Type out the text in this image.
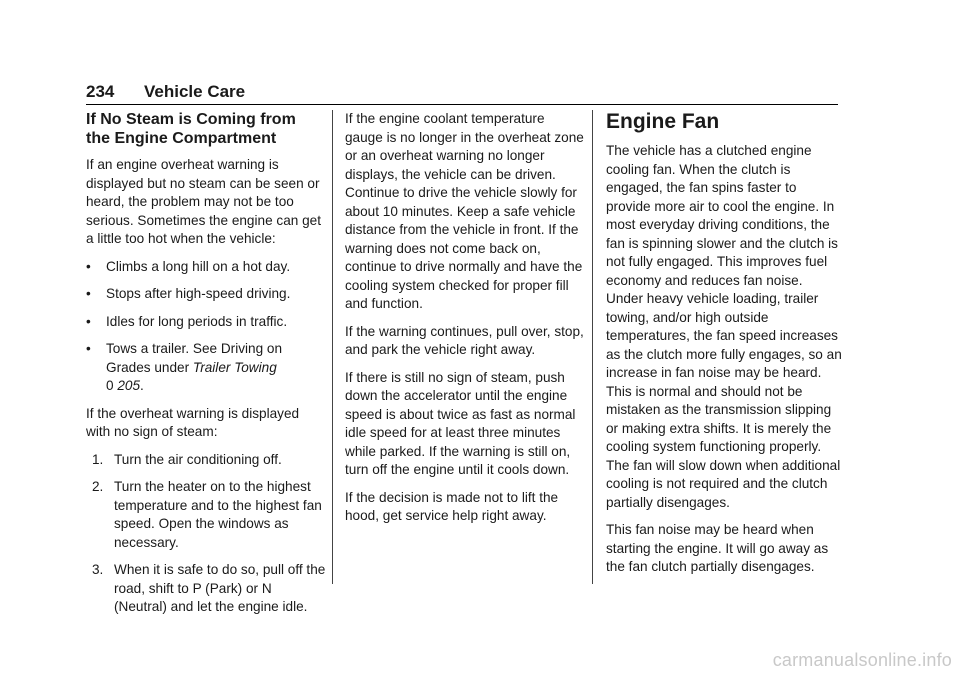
234 Vehicle Care
If No Steam is Coming from
the Engine Compartment

If an engine overheat warning is displayed but no steam can be seen or heard, the problem may not be too serious. Sometimes the engine can get a little too hot when the vehicle:

•	Climbs a long hill on a hot day.
•	Stops after high-speed driving.
•	Idles for long periods in traffic.
•	Tows a trailer. See Driving on Grades under Trailer Towing
0 205.

If the overheat warning is displayed with no sign of steam:

1. Turn the air conditioning off.
2. Turn the heater on to the highest temperature and to the highest fan speed. Open the windows as necessary.
3. When it is safe to do so, pull off the road, shift to P (Park) or N (Neutral) and let the engine idle.

If the engine coolant temperature gauge is no longer in the overheat zone or an overheat warning no longer displays, the vehicle can be driven. Continue to drive the vehicle slowly for about 10 minutes. Keep a safe vehicle distance from the vehicle in front. If the warning does not come back on, continue to drive normally and have the cooling system checked for proper fill and function.

If the warning continues, pull over, stop, and park the vehicle right away.

If there is still no sign of steam, push down the accelerator until the engine speed is about twice as fast as normal idle speed for at least three minutes while parked. If the warning is still on, turn off the engine until it cools down.

If the decision is made not to lift the hood, get service help right away.

Engine Fan

The vehicle has a clutched engine cooling fan. When the clutch is engaged, the fan spins faster to provide more air to cool the engine. In most everyday driving conditions, the fan is spinning slower and the clutch is not fully engaged. This improves fuel economy and reduces fan noise. Under heavy vehicle loading, trailer towing, and/or high outside temperatures, the fan speed increases as the clutch more fully engages, so an increase in fan noise may be heard. This is normal and should not be mistaken as the transmission slipping or making extra shifts. It is merely the cooling system functioning properly. The fan will slow down when additional cooling is not required and the clutch partially disengages.

This fan noise may be heard when starting the engine. It will go away as the fan clutch partially disengages.

carmanualsonline.info
